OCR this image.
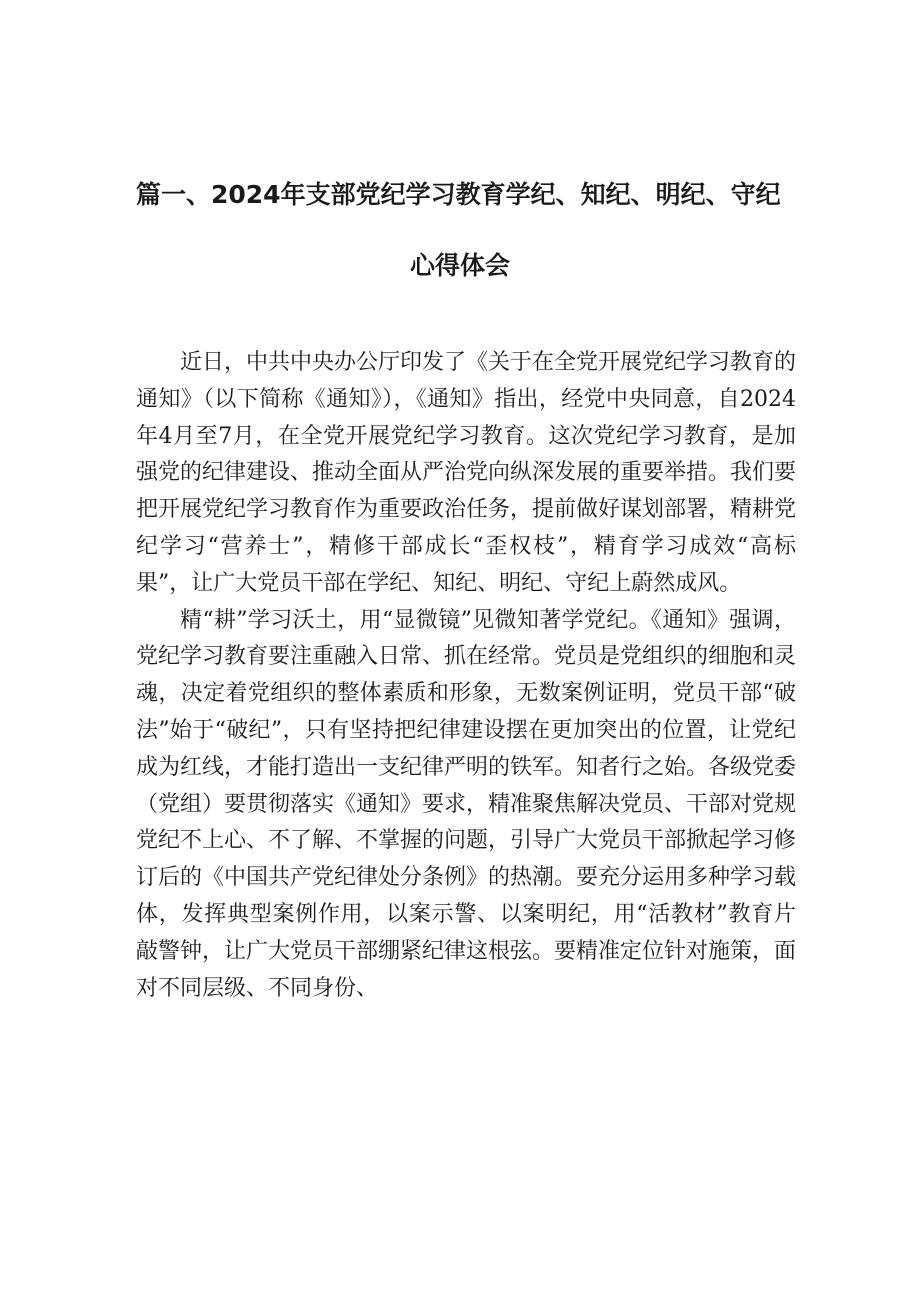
篇一、2024年支部党纪学习教育学纪、知纪、明纪、守纪
心得体会

近日，中共中央办公厅印发了《关于在全党开展党纪学习教育的通知》（以下简称《通知》），《通知》指出，经党中央同意，自2024年4月至7月，在全党开展党纪学习教育。这次党纪学习教育，是加强党的纪律建设、推动全面从严治党向纵深发展的重要举措。我们要把开展党纪学习教育作为重要政治任务，提前做好谋划部署，精耕党纪学习“营养士”，精修干部成长“歪权枝”，精育学习成效“高标果”，让广大党员干部在学纪、知纪、明纪、守纪上蔚然成风。

精“耕”学习沃土，用“显微镜”见微知著学党纪。《通知》强调，党纪学习教育要注重融入日常、抓在经常。党员是党组织的细胞和灵魂，决定着党组织的整体素质和形象，无数案例证明，党员干部“破法”始于“破纪”，只有坚持把纪律建设摆在更加突出的位置，让党纪成为红线，才能打造出一支纪律严明的铁军。知者行之始。各级党委（党组）要贯彻落实《通知》要求，精准聚焦解决党员、干部对党规党纪不上心、不了解、不掌握的问题，引导广大党员干部掀起学习修订后的《中国共产党纪律处分条例》的热潮。要充分运用多种学习载体，发挥典型案例作用，以案示警、以案明纪，用“活教材”教育片敲警钟，让广大党员干部绷紧纪律这根弦。要精准定位针对施策，面对不同层级、不同身份、
